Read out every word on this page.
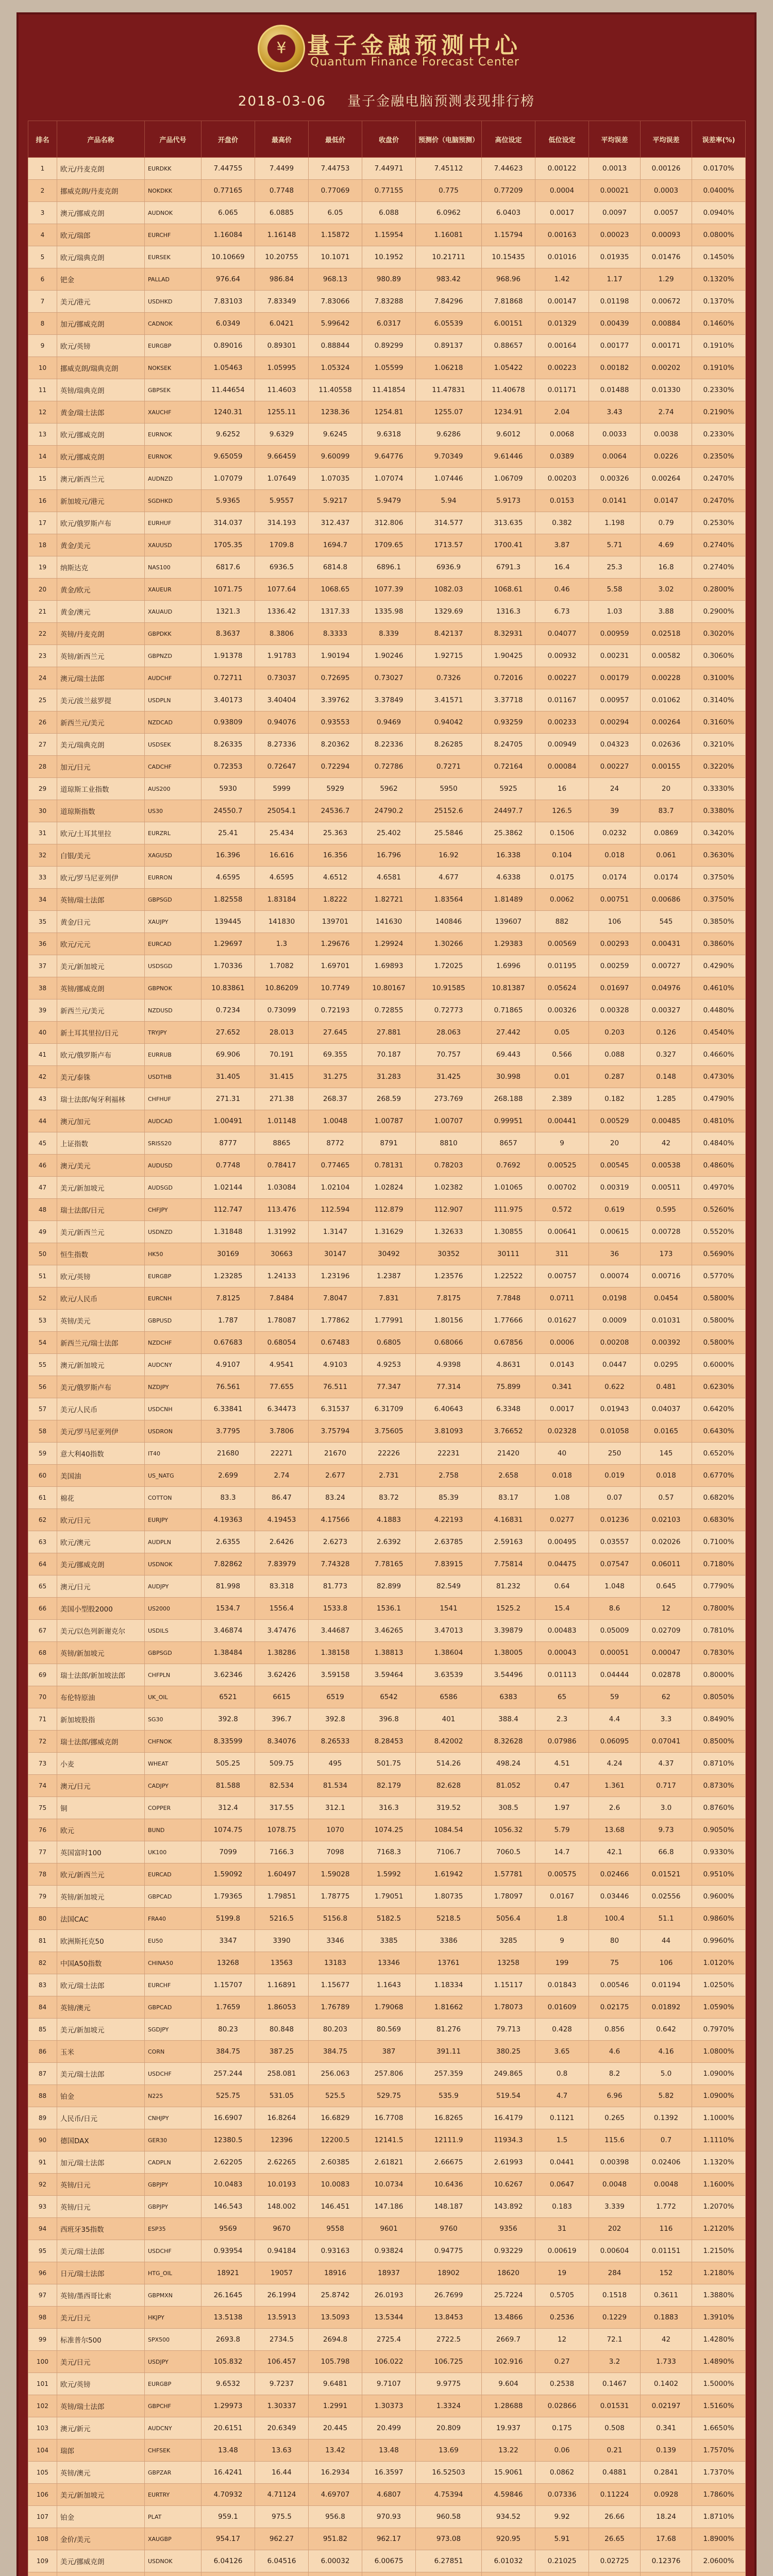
¥ 量子金融预测中心
Quantum Finance Forecast Center
2018-03-06 量子金融电脑预测表现排行榜
排名	产品名称	产品代号	开盘价	最高价	最低价	收盘价	预测价（电脑预测）	高位设定	低位设定	平均误差	平均误差	误差率(%)
1	欧元/丹麦克朗	EURDKK	7.44755	7.4499	7.44753	7.44971	7.45112	7.44623	0.00122	0.0013	0.00126	0.0170%
2	挪威克朗/丹麦克朗	NOKDKK	0.77165	0.7748	0.77069	0.77155	0.775	0.77209	0.0004	0.00021	0.0003	0.0400%
3	澳元/挪威克朗	AUDNOK	6.065	6.0885	6.05	6.088	6.0962	6.0403	0.0017	0.0097	0.0057	0.0940%
4	欧元/瑞郎	EURCHF	1.16084	1.16148	1.15872	1.15954	1.16081	1.15794	0.00163	0.00023	0.00093	0.0800%
5	欧元/瑞典克朗	EURSEK	10.10669	10.20755	10.1071	10.1952	10.21711	10.15435	0.01016	0.01935	0.01476	0.1450%
6	钯金	PALLAD	976.64	986.84	968.13	980.89	983.42	968.96	1.42	1.17	1.29	0.1320%
7	美元/港元	USDHKD	7.83103	7.83349	7.83066	7.83288	7.84296	7.81868	0.00147	0.01198	0.00672	0.1370%
8	加元/挪威克朗	CADNOK	6.0349	6.0421	5.99642	6.0317	6.05539	6.00151	0.01329	0.00439	0.00884	0.1460%
9	欧元/英镑	EURGBP	0.89016	0.89301	0.88844	0.89299	0.89137	0.88657	0.00164	0.00177	0.00171	0.1910%
10	挪威克朗/瑞典克朗	NOKSEK	1.05463	1.05995	1.05324	1.05599	1.06218	1.05422	0.00223	0.00182	0.00202	0.1910%
11	英镑/瑞典克朗	GBPSEK	11.44654	11.4603	11.40558	11.41854	11.47831	11.40678	0.01171	0.01488	0.01330	0.2330%
12	黄金/瑞士法郎	XAUCHF	1240.31	1255.11	1238.36	1254.81	1255.07	1234.91	2.04	3.43	2.74	0.2190%
13	欧元/挪威克朗	EURNOK	9.6252	9.6329	9.6245	9.6318	9.6286	9.6012	0.0068	0.0033	0.0038	0.2330%
14	欧元/挪威克朗	EURNOK	9.65059	9.66459	9.60099	9.64776	9.70349	9.61446	0.0389	0.0064	0.0226	0.2350%
15	澳元/新西兰元	AUDNZD	1.07079	1.07649	1.07035	1.07074	1.07446	1.06709	0.00203	0.00326	0.00264	0.2470%
16	新加坡元/港元	SGDHKD	5.9365	5.9557	5.9217	5.9479	5.94	5.9173	0.0153	0.0141	0.0147	0.2470%
17	欧元/俄罗斯卢布	EURHUF	314.037	314.193	312.437	312.806	314.577	313.635	0.382	1.198	0.79	0.2530%
18	黄金/美元	XAUUSD	1705.35	1709.8	1694.7	1709.65	1713.57	1700.41	3.87	5.71	4.69	0.2740%
19	纳斯达克	NAS100	6817.6	6936.5	6814.8	6896.1	6936.9	6791.3	16.4	25.3	16.8	0.2740%
20	黄金/欧元	XAUEUR	1071.75	1077.64	1068.65	1077.39	1082.03	1068.61	0.46	5.58	3.02	0.2800%
21	黄金/澳元	XAUAUD	1321.3	1336.42	1317.33	1335.98	1329.69	1316.3	6.73	1.03	3.88	0.2900%
22	英镑/丹麦克朗	GBPDKK	8.3637	8.3806	8.3333	8.339	8.42137	8.32931	0.04077	0.00959	0.02518	0.3020%
23	英镑/新西兰元	GBPNZD	1.91378	1.91783	1.90194	1.90246	1.92715	1.90425	0.00932	0.00231	0.00582	0.3060%
24	澳元/瑞士法郎	AUDCHF	0.72711	0.73037	0.72695	0.73027	0.7326	0.72016	0.00227	0.00179	0.00228	0.3100%
25	美元/波兰兹罗提	USDPLN	3.40173	3.40404	3.39762	3.37849	3.41571	3.37718	0.01167	0.00957	0.01062	0.3140%
26	新西兰元/美元	NZDCAD	0.93809	0.94076	0.93553	0.9469	0.94042	0.93259	0.00233	0.00294	0.00264	0.3160%
27	美元/瑞典克朗	USDSEK	8.26335	8.27336	8.20362	8.22336	8.26285	8.24705	0.00949	0.04323	0.02636	0.3210%
28	加元/日元	CADCHF	0.72353	0.72647	0.72294	0.72786	0.7271	0.72164	0.00084	0.00227	0.00155	0.3220%
29	道琼斯工业指数	AUS200	5930	5999	5929	5962	5950	5925	16	24	20	0.3330%
30	道琼斯指数	US30	24550.7	25054.1	24536.7	24790.2	25152.6	24497.7	126.5	39	83.7	0.3380%
31	欧元/土耳其里拉	EURZRL	25.41	25.434	25.363	25.402	25.5846	25.3862	0.1506	0.0232	0.0869	0.3420%
32	白银/美元	XAGUSD	16.396	16.616	16.356	16.796	16.92	16.338	0.104	0.018	0.061	0.3630%
33	欧元/罗马尼亚列伊	EURRON	4.6595	4.6595	4.6512	4.6581	4.677	4.6338	0.0175	0.0174	0.0174	0.3750%
34	英镑/瑞士法郎	GBPSGD	1.82558	1.83184	1.8222	1.82721	1.83564	1.81489	0.0062	0.00751	0.00686	0.3750%
35	黄金/日元	XAUJPY	139445	141830	139701	141630	140846	139607	882	106	545	0.3850%
36	欧元/元元	EURCAD	1.29697	1.3	1.29676	1.29924	1.30266	1.29383	0.00569	0.00293	0.00431	0.3860%
37	美元/新加坡元	USDSGD	1.70336	1.7082	1.69701	1.69893	1.72025	1.6996	0.01195	0.00259	0.00727	0.4290%
38	英镑/挪威克朗	GBPNOK	10.83861	10.86209	10.7749	10.80167	10.91585	10.81387	0.05624	0.01697	0.04976	0.4610%
39	新西兰元/美元	NZDUSD	0.7234	0.73099	0.72193	0.72855	0.72773	0.71865	0.00326	0.00328	0.00327	0.4480%
40	新土耳其里拉/日元	TRYJPY	27.652	28.013	27.645	27.881	28.063	27.442	0.05	0.203	0.126	0.4540%
41	欧元/俄罗斯卢布	EURRUB	69.906	70.191	69.355	70.187	70.757	69.443	0.566	0.088	0.327	0.4660%
42	美元/泰铢	USDTHB	31.405	31.415	31.275	31.283	31.425	30.998	0.01	0.287	0.148	0.4730%
43	瑞士法郎/匈牙利福林	CHFHUF	271.31	271.38	268.37	268.59	273.769	268.188	2.389	0.182	1.285	0.4790%
44	澳元/加元	AUDCAD	1.00491	1.01148	1.0048	1.00787	1.00707	0.99951	0.00441	0.00529	0.00485	0.4810%
45	上证指数	SRISS20	8777	8865	8772	8791	8810	8657	9	20	42	0.4840%
46	澳元/美元	AUDUSD	0.7748	0.78417	0.77465	0.78131	0.78203	0.7692	0.00525	0.00545	0.00538	0.4860%
47	美元/新加坡元	AUDSGD	1.02144	1.03084	1.02104	1.02824	1.02382	1.01065	0.00702	0.00319	0.00511	0.4970%
48	瑞士法郎/日元	CHFJPY	112.747	113.476	112.594	112.879	112.907	111.975	0.572	0.619	0.595	0.5260%
49	美元/新西兰元	USDNZD	1.31848	1.31992	1.3147	1.31629	1.32633	1.30855	0.00641	0.00615	0.00728	0.5520%
50	恒生指数	HK50	30169	30663	30147	30492	30352	30111	311	36	173	0.5690%
51	欧元/英镑	EURGBP	1.23285	1.24133	1.23196	1.2387	1.23576	1.22522	0.00757	0.00074	0.00716	0.5770%
52	欧元/人民币	EURCNH	7.8125	7.8484	7.8047	7.831	7.8175	7.7848	0.0711	0.0198	0.0454	0.5800%
53	英镑/美元	GBPUSD	1.787	1.78087	1.77862	1.77991	1.80156	1.77666	0.01627	0.0009	0.01031	0.5800%
54	新西兰元/瑞士法郎	NZDCHF	0.67683	0.68054	0.67483	0.6805	0.68066	0.67856	0.0006	0.00208	0.00392	0.5800%
55	澳元/新加坡元	AUDCNY	4.9107	4.9541	4.9103	4.9253	4.9398	4.8631	0.0143	0.0447	0.0295	0.6000%
56	美元/俄罗斯卢布	NZDJPY	76.561	77.655	76.511	77.347	77.314	75.899	0.341	0.622	0.481	0.6230%
57	美元/人民币	USDCNH	6.33841	6.34473	6.31537	6.31709	6.40643	6.3348	0.0017	0.01943	0.04037	0.6420%
58	美元/罗马尼亚列伊	USDRON	3.7795	3.7806	3.75794	3.75605	3.81093	3.76652	0.02328	0.01058	0.0165	0.6430%
59	意大利40指数	IT40	21680	22271	21670	22226	22231	21420	40	250	145	0.6520%
60	美国油	US_NATG	2.699	2.74	2.677	2.731	2.758	2.658	0.018	0.019	0.018	0.6770%
61	棉花	COTTON	83.3	86.47	83.24	83.72	85.39	83.17	1.08	0.07	0.57	0.6820%
62	欧元/日元	EURJPY	4.19363	4.19453	4.17566	4.1883	4.22193	4.16831	0.0277	0.01236	0.02103	0.6830%
63	欧元/澳元	AUDPLN	2.6355	2.6426	2.6273	2.6392	2.63785	2.59163	0.00495	0.03557	0.02026	0.7100%
64	美元/挪威克朗	USDNOK	7.82862	7.83979	7.74328	7.78165	7.83915	7.75814	0.04475	0.07547	0.06011	0.7180%
65	澳元/日元	AUDJPY	81.998	83.318	81.773	82.899	82.549	81.232	0.64	1.048	0.645	0.7790%
66	美国小型股2000	US2000	1534.7	1556.4	1533.8	1536.1	1541	1525.2	15.4	8.6	12	0.7800%
67	美元/以色列新谢克尔	USDILS	3.46874	3.47476	3.44687	3.46265	3.47013	3.39879	0.00483	0.05009	0.02709	0.7810%
68	英镑/新加坡元	GBPSGD	1.38484	1.38286	1.38158	1.38813	1.38604	1.38005	0.00043	0.00051	0.00047	0.7830%
69	瑞士法郎/新加坡法郎	CHFPLN	3.62346	3.62426	3.59158	3.59464	3.63539	3.54496	0.01113	0.04444	0.02878	0.8000%
70	布伦特原油	UK_OIL	6521	6615	6519	6542	6586	6383	65	59	62	0.8050%
71	新加坡股指	SG30	392.8	396.7	392.8	396.8	401	388.4	2.3	4.4	3.3	0.8490%
72	瑞士法郎/挪威克朗	CHFNOK	8.33599	8.34076	8.26533	8.28453	8.42002	8.32628	0.07986	0.06095	0.07041	0.8500%
73	小麦	WHEAT	505.25	509.75	495	501.75	514.26	498.24	4.51	4.24	4.37	0.8710%
74	澳元/日元	CADJPY	81.588	82.534	81.534	82.179	82.628	81.052	0.47	1.361	0.717	0.8730%
75	铜	COPPER	312.4	317.55	312.1	316.3	319.52	308.5	1.97	2.6	3.0	0.8760%
76	欧元	BUND	1074.75	1078.75	1070	1074.25	1084.54	1056.32	5.79	13.68	9.73	0.9050%
77	英国富时100	UK100	7099	7166.3	7098	7168.3	7106.7	7060.5	14.7	42.1	66.8	0.9330%
78	欧元/新西兰元	EURCAD	1.59092	1.60497	1.59028	1.5992	1.61942	1.57781	0.00575	0.02466	0.01521	0.9510%
79	英镑/新加坡元	GBPCAD	1.79365	1.79851	1.78775	1.79051	1.80735	1.78097	0.0167	0.03446	0.02556	0.9600%
80	法国CAC	FRA40	5199.8	5216.5	5156.8	5182.5	5218.5	5056.4	1.8	100.4	51.1	0.9860%
81	欧洲斯托克50	EU50	3347	3390	3346	3385	3386	3285	9	80	44	0.9960%
82	中国A50指数	CHINA50	13268	13563	13183	13346	13761	13258	199	75	106	1.0120%
83	欧元/瑞士法郎	EURCHF	1.15707	1.16891	1.15677	1.1643	1.18334	1.15117	0.01843	0.00546	0.01194	1.0250%
84	英镑/澳元	GBPCAD	1.7659	1.86053	1.76789	1.79068	1.81662	1.78073	0.01609	0.02175	0.01892	1.0590%
85	美元/新加坡元	SGDJPY	80.23	80.848	80.203	80.569	81.276	79.713	0.428	0.856	0.642	0.7970%
86	玉米	CORN	384.75	387.25	384.75	387	391.11	380.25	3.65	4.6	4.16	1.0800%
87	美元/瑞士法郎	USDCHF	257.244	258.081	256.063	257.806	257.359	249.865	0.8	8.2	5.0	1.0900%
88	铂金	N225	525.75	531.05	525.5	529.75	535.9	519.54	4.7	6.96	5.82	1.0900%
89	人民币/日元	CNHJPY	16.6907	16.8264	16.6829	16.7708	16.8265	16.4179	0.1121	0.265	0.1392	1.1000%
90	德国DAX	GER30	12380.5	12396	12200.5	12141.5	12111.9	11934.3	1.5	115.6	0.7	1.1110%
91	加元/瑞士法郎	CADPLN	2.62205	2.62265	2.60385	2.61821	2.66675	2.61993	0.0441	0.00398	0.02406	1.1320%
92	英镑/日元	GBPJPY	10.0483	10.0193	10.0083	10.0734	10.6436	10.6267	0.0647	0.0048	0.0048	1.1600%
93	英镑/日元	GBPJPY	146.543	148.002	146.451	147.186	148.187	143.892	0.183	3.339	1.772	1.2070%
94	西班牙35指数	ESP35	9569	9670	9558	9601	9760	9356	31	202	116	1.2120%
95	美元/瑞士法郎	USDCHF	0.93954	0.94184	0.93163	0.93824	0.94775	0.93229	0.00619	0.00604	0.01151	1.2150%
96	日元/瑞士法郎	HTG_OIL	18921	19057	18916	18937	18902	18620	19	284	152	1.2180%
97	英镑/墨西哥比索	GBPMXN	26.1645	26.1994	25.8742	26.0193	26.7699	25.7224	0.5705	0.1518	0.3611	1.3880%
98	美元/日元	HKJPY	13.5138	13.5913	13.5093	13.5344	13.8453	13.4866	0.2536	0.1229	0.1883	1.3910%
99	标准普尔500	SPX500	2693.8	2734.5	2694.8	2725.4	2722.5	2669.7	12	72.1	42	1.4280%
100	美元/日元	USDJPY	105.832	106.457	105.798	106.022	106.725	102.916	0.27	3.2	1.733	1.4890%
101	欧元/英镑	EURGBP	9.6532	9.7237	9.6481	9.7107	9.9775	9.604	0.2538	0.1467	0.1402	1.5000%
102	英镑/瑞士法郎	GBPCHF	1.29973	1.30337	1.2991	1.30373	1.3324	1.28688	0.02866	0.01531	0.02197	1.5160%
103	澳元/新元	AUDCNY	20.6151	20.6349	20.445	20.499	20.809	19.937	0.175	0.508	0.341	1.6650%
104	瑞郎	CHFSEK	13.48	13.63	13.42	13.48	13.69	13.22	0.06	0.21	0.139	1.7570%
105	英镑/澳元	GBPZAR	16.4241	16.44	16.2934	16.3597	16.52503	15.9061	0.0862	0.4881	0.2841	1.7370%
106	美元/新加坡元	EURTRY	4.70932	4.71124	4.69707	4.6807	4.75394	4.59846	0.07336	0.11224	0.0928	1.7860%
107	铂金	PLAT	959.1	975.5	956.8	970.93	960.58	934.52	9.92	26.66	18.24	1.8710%
108	金价/美元	XAUGBP	954.17	962.27	951.82	962.17	973.08	920.95	5.91	26.65	17.68	1.8900%
109	美元/挪威克朗	USDNOK	6.04126	6.04516	6.00032	6.00675	6.27851	6.01032	0.21025	0.02725	0.12376	2.0600%
